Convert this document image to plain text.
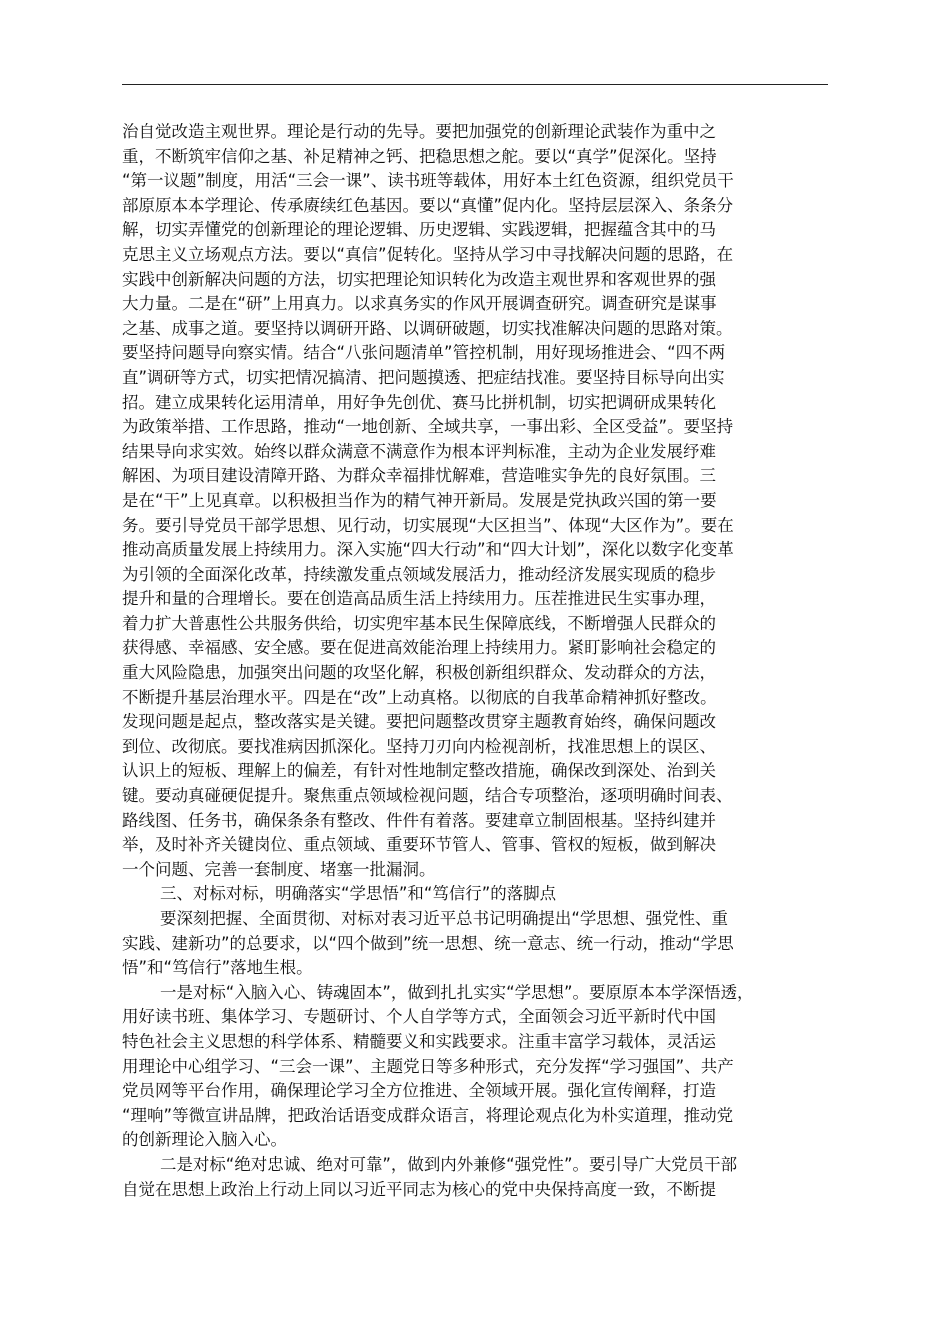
治自觉改造主观世界。理论是行动的先导。要把加强党的创新理论武装作为重中之
重，不断筑牢信仰之基、补足精神之钙、把稳思想之舵。要以“真学”促深化。坚持
“第一议题”制度，用活“三会一课”、读书班等载体，用好本土红色资源，组织党员干
部原原本本学理论、传承赓续红色基因。要以“真懂”促内化。坚持层层深入、条条分
解，切实弄懂党的创新理论的理论逻辑、历史逻辑、实践逻辑，把握蕴含其中的马
克思主义立场观点方法。要以“真信”促转化。坚持从学习中寻找解决问题的思路，在
实践中创新解决问题的方法，切实把理论知识转化为改造主观世界和客观世界的强
大力量。二是在“研”上用真力。以求真务实的作风开展调查研究。调查研究是谋事
之基、成事之道。要坚持以调研开路、以调研破题，切实找准解决问题的思路对策。
要坚持问题导向察实情。结合“八张问题清单”管控机制，用好现场推进会、“四不两
直”调研等方式，切实把情况搞清、把问题摸透、把症结找准。要坚持目标导向出实
招。建立成果转化运用清单，用好争先创优、赛马比拼机制，切实把调研成果转化
为政策举措、工作思路，推动“一地创新、全域共享，一事出彩、全区受益”。要坚持
结果导向求实效。始终以群众满意不满意作为根本评判标准，主动为企业发展纾难
解困、为项目建设清障开路、为群众幸福排忧解难，营造唯实争先的良好氛围。三
是在“干”上见真章。以积极担当作为的精气神开新局。发展是党执政兴国的第一要
务。要引导党员干部学思想、见行动，切实展现“大区担当”、体现“大区作为”。要在
推动高质量发展上持续用力。深入实施“四大行动”和“四大计划”，深化以数字化变革
为引领的全面深化改革，持续激发重点领域发展活力，推动经济发展实现质的稳步
提升和量的合理增长。要在创造高品质生活上持续用力。压茬推进民生实事办理，
着力扩大普惠性公共服务供给，切实兜牢基本民生保障底线，不断增强人民群众的
获得感、幸福感、安全感。要在促进高效能治理上持续用力。紧盯影响社会稳定的
重大风险隐患，加强突出问题的攻坚化解，积极创新组织群众、发动群众的方法，
不断提升基层治理水平。四是在“改”上动真格。以彻底的自我革命精神抓好整改。
发现问题是起点，整改落实是关键。要把问题整改贯穿主题教育始终，确保问题改
到位、改彻底。要找准病因抓深化。坚持刀刃向内检视剖析，找准思想上的误区、
认识上的短板、理解上的偏差，有针对性地制定整改措施，确保改到深处、治到关
键。要动真碰硬促提升。聚焦重点领域检视问题，结合专项整治，逐项明确时间表、
路线图、任务书，确保条条有整改、件件有着落。要建章立制固根基。坚持纠建并
举，及时补齐关键岗位、重点领域、重要环节管人、管事、管权的短板，做到解决
一个问题、完善一套制度、堵塞一批漏洞。
三、对标对标，明确落实“学思悟”和“笃信行”的落脚点
要深刻把握、全面贯彻、对标对表习近平总书记明确提出“学思想、强党性、重
实践、建新功”的总要求，以“四个做到”统一思想、统一意志、统一行动，推动“学思
悟”和“笃信行”落地生根。
一是对标“入脑入心、铸魂固本”，做到扎扎实实“学思想”。要原原本本学深悟透，
用好读书班、集体学习、专题研讨、个人自学等方式，全面领会习近平新时代中国
特色社会主义思想的科学体系、精髓要义和实践要求。注重丰富学习载体，灵活运
用理论中心组学习、“三会一课”、主题党日等多种形式，充分发挥“学习强国”、共产
党员网等平台作用，确保理论学习全方位推进、全领域开展。强化宣传阐释，打造
“理响”等微宣讲品牌，把政治话语变成群众语言，将理论观点化为朴实道理，推动党
的创新理论入脑入心。
二是对标“绝对忠诚、绝对可靠”，做到内外兼修“强党性”。要引导广大党员干部
自觉在思想上政治上行动上同以习近平同志为核心的党中央保持高度一致，不断提
